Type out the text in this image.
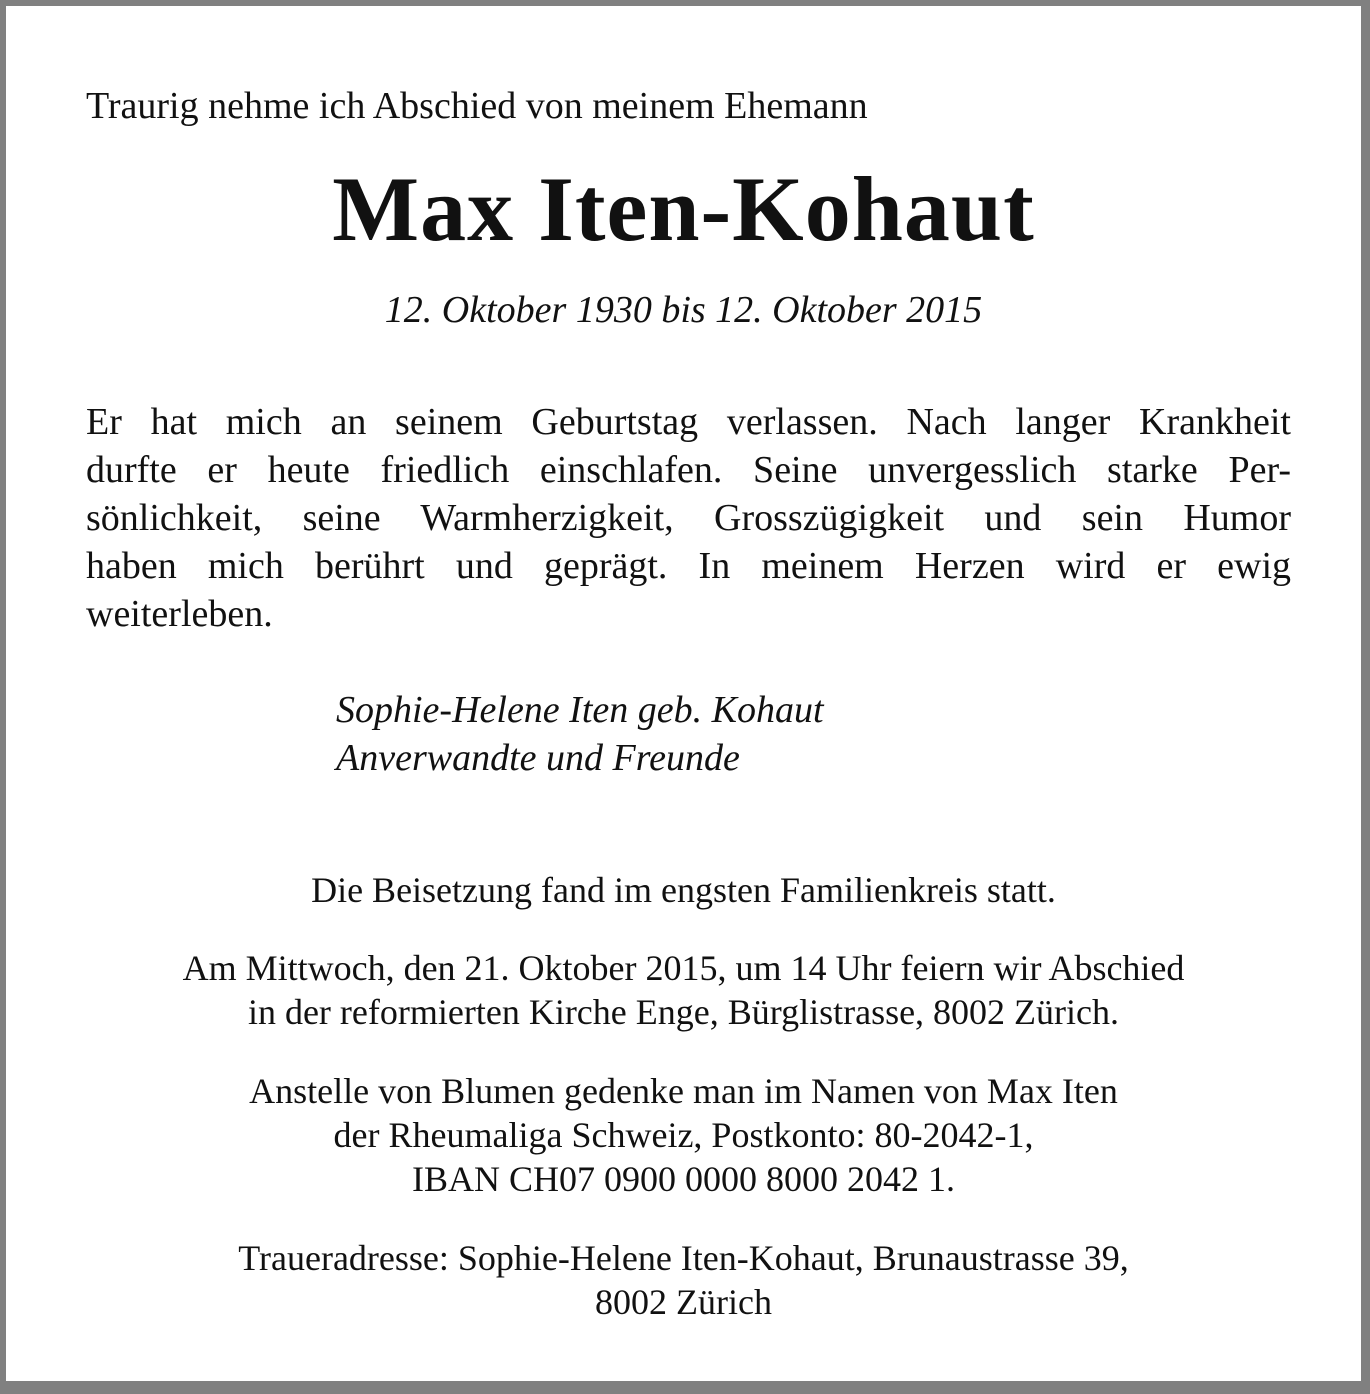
Traurig nehme ich Abschied von meinem Ehemann

Max Iten-Kohaut

12. Oktober 1930 bis 12. Oktober 2015

Er hat mich an seinem Geburtstag verlassen. Nach langer Krankheit
durfte er heute friedlich einschlafen. Seine unvergesslich starke Per-
sönlichkeit, seine Warmherzigkeit, Grosszügigkeit und sein Humor
haben mich berührt und geprägt. In meinem Herzen wird er ewig
weiterleben.

Sophie-Helene Iten geb. Kohaut
Anverwandte und Freunde
Die Beisetzung fand im engsten Familienkreis statt.
Am Mittwoch, den 21. Oktober 2015, um 14 Uhr feiern wir Abschied
in der reformierten Kirche Enge, Bürglistrasse, 8002 Zürich.
Anstelle von Blumen gedenke man im Namen von Max Iten
der Rheumaliga Schweiz, Postkonto: 80-2042-1,
IBAN CH07 0900 0000 8000 2042 1.
Traueradresse: Sophie-Helene Iten-Kohaut, Brunaustrasse 39,
8002 Zürich
